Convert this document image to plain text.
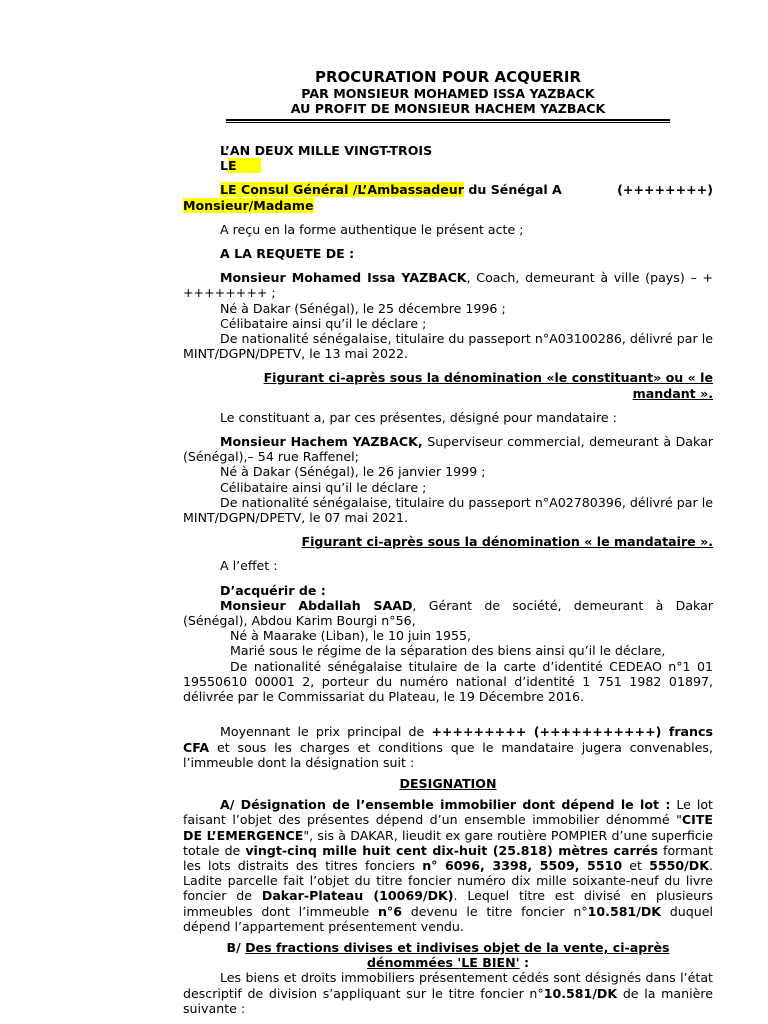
PROCURATION POUR ACQUERIR
PAR MONSIEUR MOHAMED ISSA YAZBACK
AU PROFIT DE MONSIEUR HACHEM YAZBACK

L’AN DEUX MILLE VINGT-TROIS

LE

LE Consul Général /L’Ambassadeur du Sénégal A	(++++++++)

Monsieur/Madame

A reçu en la forme authentique le présent acte ;

A LA REQUETE DE :

Monsieur Mohamed Issa YAZBACK, Coach, demeurant à ville (pays) – + ++++++++ ;

Né à Dakar (Sénégal), le 25 décembre 1996 ;

Célibataire ainsi qu’il le déclare ;

De nationalité sénégalaise, titulaire du passeport n°A03100286, délivré par le MINT/DGPN/DPETV, le 13 mai 2022.

Figurant ci-après sous la dénomination «le constituant» ou « le mandant ».

Le constituant a, par ces présentes, désigné pour mandataire :

Monsieur Hachem YAZBACK, Superviseur commercial, demeurant à Dakar (Sénégal),– 54 rue Raffenel;

Né à Dakar (Sénégal), le 26 janvier 1999 ;

Célibataire ainsi qu’il le déclare ;

De nationalité sénégalaise, titulaire du passeport n°A02780396, délivré par le MINT/DGPN/DPETV, le 07 mai 2021.

Figurant ci-après sous la dénomination « le mandataire ».

A l’effet :

D’acquérir de :

Monsieur Abdallah SAAD, Gérant de société, demeurant à Dakar (Sénégal), Abdou Karim Bourgi n°56,

Né à Maarake (Liban), le 10 juin 1955,

Marié sous le régime de la séparation des biens ainsi qu’il le déclare,

De nationalité sénégalaise titulaire de la carte d’identité CEDEAO n°1 01 19550610 00001 2, porteur du numéro national d’identité 1 751 1982 01897, délivrée par le Commissariat du Plateau, le 19 Décembre 2016.

Moyennant le prix principal de +++++++++ (+++++++++++) francs CFA et sous les charges et conditions que le mandataire jugera convenables, l’immeuble dont la désignation suit :

DESIGNATION

A/ Désignation de l’ensemble immobilier dont dépend le lot : Le lot faisant l’objet des présentes dépend d’un ensemble immobilier dénommé "CITE DE L’EMERGENCE", sis à DAKAR, lieudit ex gare routière POMPIER d’une superficie totale de vingt-cinq mille huit cent dix-huit (25.818) mètres carrés formant les lots distraits des titres fonciers n° 6096, 3398, 5509, 5510 et 5550/DK. Ladite parcelle fait l’objet du titre foncier numéro dix mille soixante-neuf du livre foncier de Dakar-Plateau (10069/DK). Lequel titre est divisé en plusieurs immeubles dont l’immeuble n°6 devenu le titre foncier n°10.581/DK duquel dépend l’appartement présentement vendu.

B/ Des fractions divises et indivises objet de la vente, ci-après dénommées 'LE BIEN' :

Les biens et droits immobiliers présentement cédés sont désignés dans l’état descriptif de division s’appliquant sur le titre foncier n°10.581/DK de la manière suivante :
